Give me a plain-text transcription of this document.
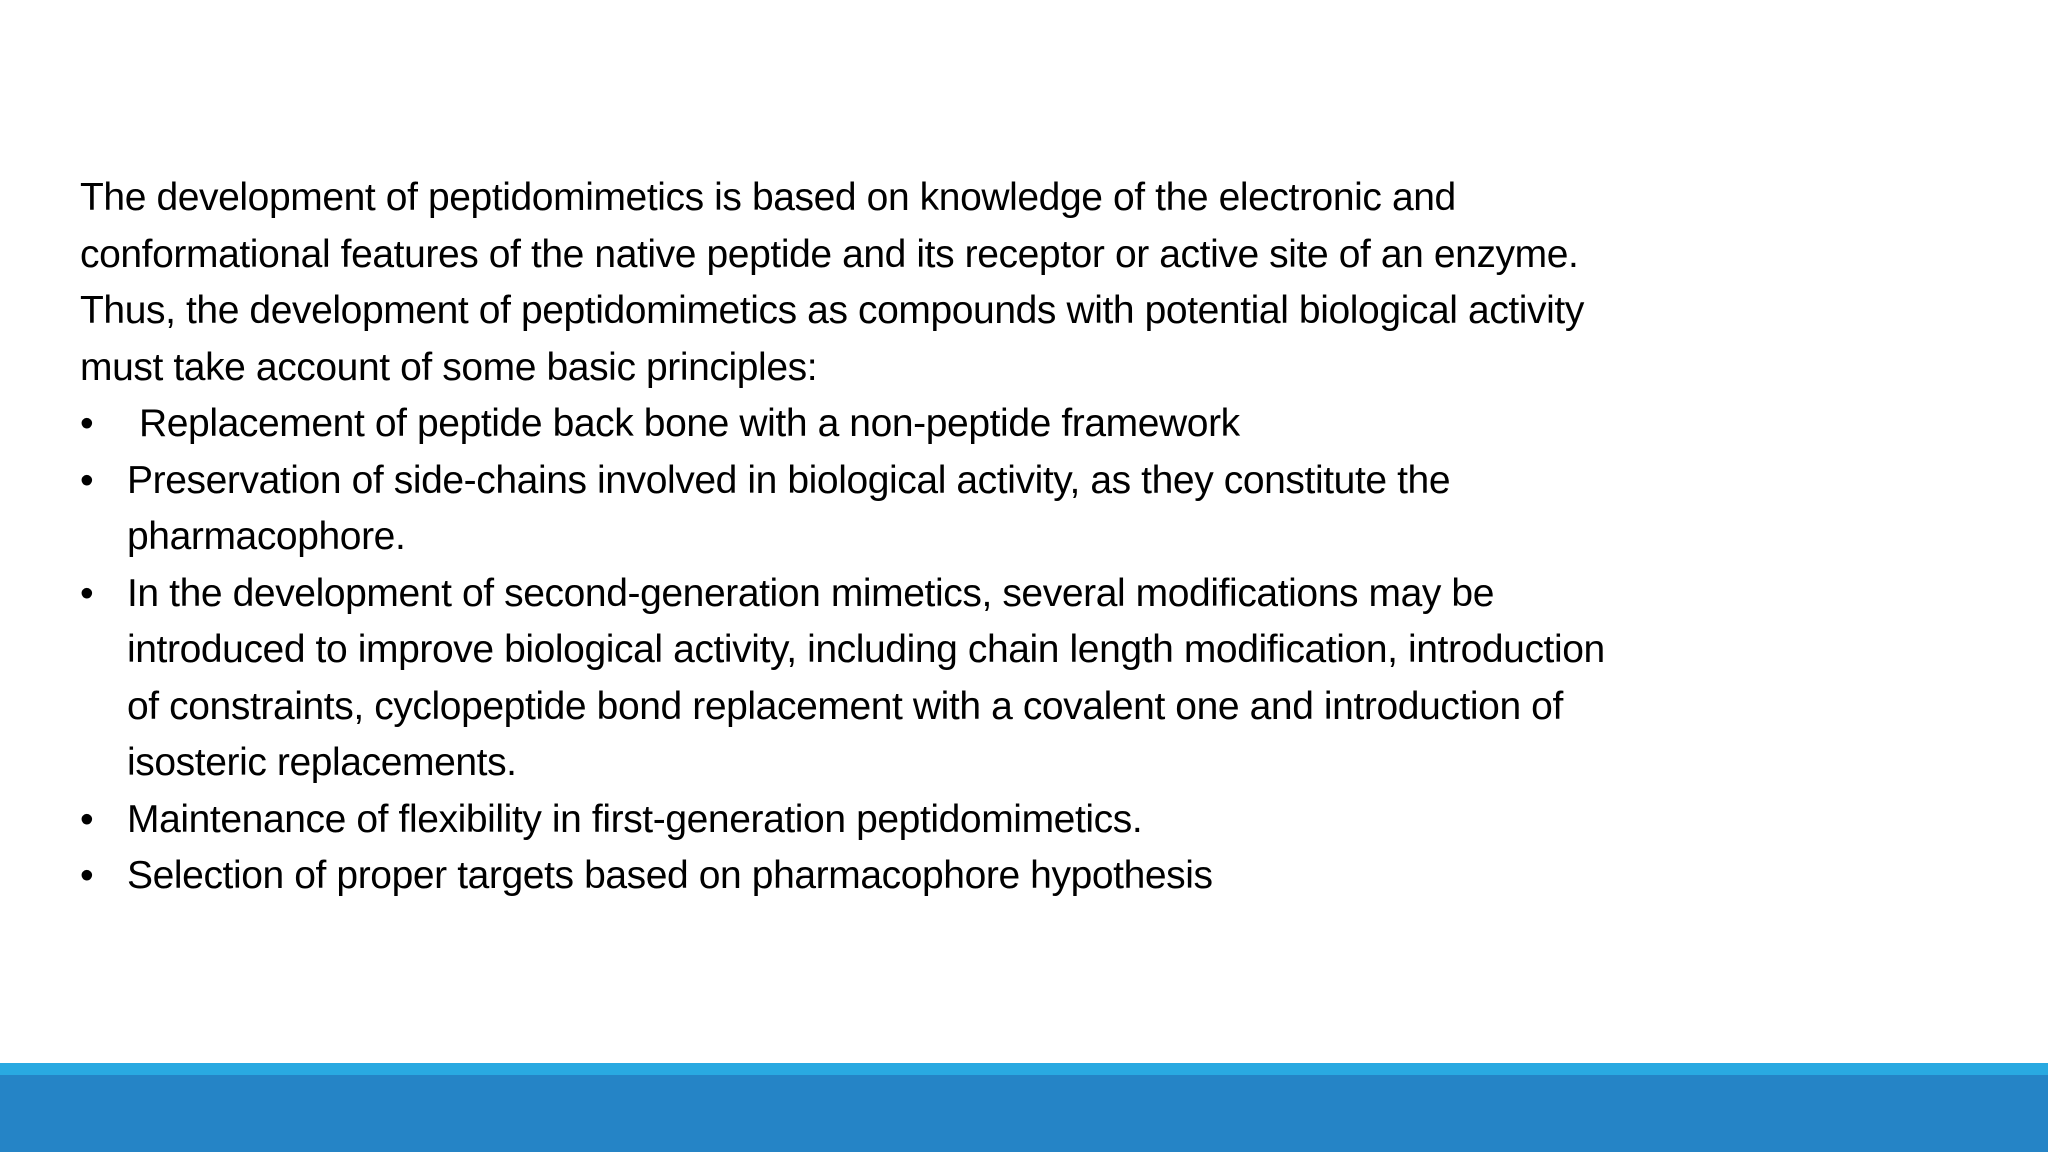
The development of peptidomimetics is based on knowledge of the electronic and
conformational features of the native peptide and its receptor or active site of an enzyme.
Thus, the development of peptidomimetics as compounds with potential biological activity
must take account of some basic principles:

•	Replacement of peptide back bone with a non-peptide framework
• Preservation of side-chains involved in biological activity, as they constitute the
pharmacophore.
• In the development of second-generation mimetics, several modifications may be
introduced to improve biological activity, including chain length modification, introduction
of constraints, cyclopeptide bond replacement with a covalent one and introduction of
isosteric replacements.
• Maintenance of flexibility in first-generation peptidomimetics.
• Selection of proper targets based on pharmacophore hypothesis
